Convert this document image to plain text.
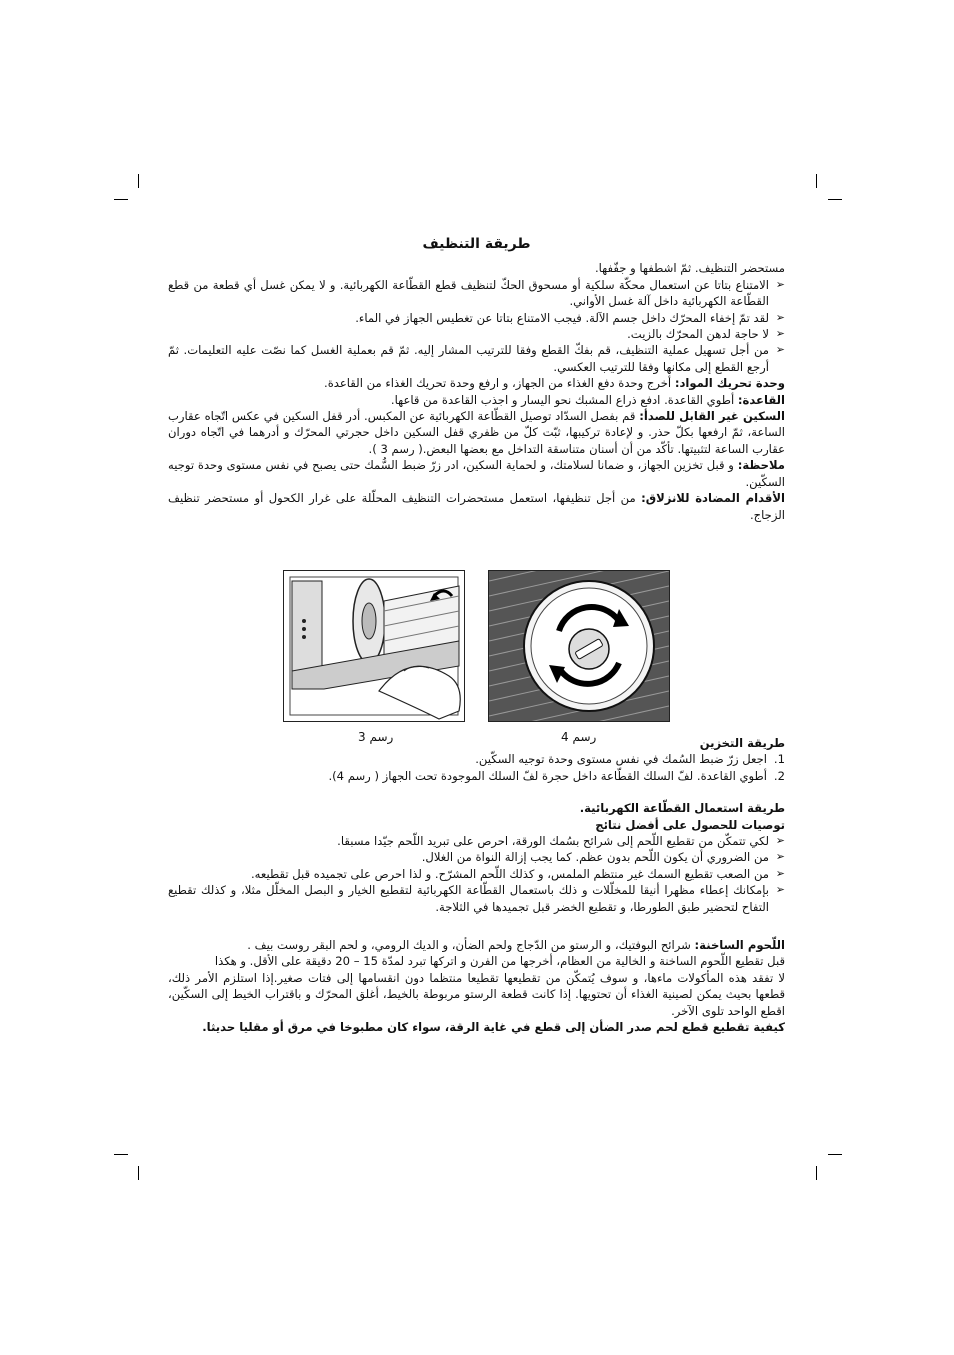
طريقة التنظيف

مستحضر التنظيف. ثمّ اشطفها و جفّفها.

➢
الامتناع بتاتا عن استعمال محكّة سلكية أو مسحوق الحكّ لتنظيف قطع القطّاعة الكهربائية. و لا يمكن غسل أي قطعة من قطع القطّاعة الكهربائية داخل آلة غسل الأواني.

➢
لقد تمّ إخفاء المحرّك داخل جسم الآلة. فيجب الامتناع بتاتا عن تغطيس الجهاز في الماء.

➢
لا حاجة لدهن المحرّك بالزيت.

➢
من أجل تسهيل عملية التنظيف، قم بفكّ القطع وفقا للترتيب المشار إليه. ثمّ قم بعملية الغسل كما نصّت عليه التعليمات. ثمّ أرجع القطع إلى مكانها وفقا للترتيب العكسي.

وحدة تحريك المواد: أخرج وحدة دفع الغذاء من الجهاز، و ارفع وحدة تحريك الغذاء من القاعدة.

القاعدة: أطوي القاعدة. ادفع ذراع المشبك نحو اليسار و اجذب القاعدة من قاعها.

السكين غير القابل للصدأ: قم بفصل السدّاد توصيل القطّاعة الكهربائية عن المكبس. أدر قفل السكين في عكس اتّجاه عقارب الساعة، ثمّ ارفعها بكلّ حذر. و لإعادة تركيبها، ثبّت كلّ من ظفري قفل السكين داخل حجرتي المحرّك و أدرهما في اتّجاه دوران عقارب الساعة لتثبيتها. تأكّد من أن أسنان متناسقة التداخل مع بعضها البعض.( رسم 3 ).

ملاحظة: و قبل تخزين الجهاز، و ضمانا لسلامتك، و لحماية السكين، ادر زرّ ضبط السُّمك حتى يصبح في نفس مستوى وحدة توجيه السكّين.

الأقدام المضادة للانزلاق: من أجل تنظيفها، استعمل مستحضرات التنظيف المحلّلة على غرار الكحول أو مستحضر تنظيف الزجاج.

طريقة التخزين

1.
اجعل زرّ ضبط السُمك في نفس مستوى وحدة توجيه السكّين.

2.
أطوي القاعدة. لفّ السلك القطّاعة داخل حجرة لفّ السلك الموجودة تحت الجهاز ( رسم 4).

طريقة استعمال القطّاعة الكهربائية.

توصيات للحصول على أفضل نتائج

➢
لكي تتمكّن من تقطيع اللّحم إلى شرائح بسُمك الورقة، احرص على تبريد اللّحم جيّدا مسبقا.

➢
من الضروري أن يكون اللّحم بدون عظم. كما يجب إزالة النواة من الغلال.

➢
من الصعب تقطيع السمك غير منتظم الملمس، و كذلك اللّحم المشرّح. و لذا احرص على تجميده قبل تقطيعه.

➢
بإمكانك إعطاء مظهرا أنيقا للمخلّلات و ذلك باستعمال القطّاعة الكهربائية لتقطيع الخيار و البصل المخلّل مثلا، و كذلك تقطيع التفاح لتحضير طبق الطورطا، و تقطيع الخضر قبل تجميدها في الثلاجة.

اللّحوم الساخنة: شرائح البوفتيك، و الرستو من الدّجاج ولحم الضأن، و الديك الرومي، و لحم البقر روست بيف .

قبل تقطيع اللّحوم الساخنة و الخالية من العظام، أخرجها من الفرن و اتركها تبرد لمدّة 15 – 20 دقيقة على الأقل. و هكذا

لا تفقد هذه المأكولات ماءها، و سوف يُتمكّن من تقطيعها تقطيعا منتظما دون انقسامها إلى فتات صغير.إذا استلزم الأمر ذلك، قطعها بحيث يمكن لصينية الغذاء أن تحتويها. إذا كانت قطعة الرستو مربوطة بالخيط، أغلق المحرّك و باقتراب الخيط إلى السكّين، اقطع الواحد تلوى الآخر.

كيفية تقطيع قطع لحم صدر الضأن إلى قطع في غاية الرقة، سواء كان مطبوخا في مرق أو مقليا حديثا.

رسم 3	رسم 4
